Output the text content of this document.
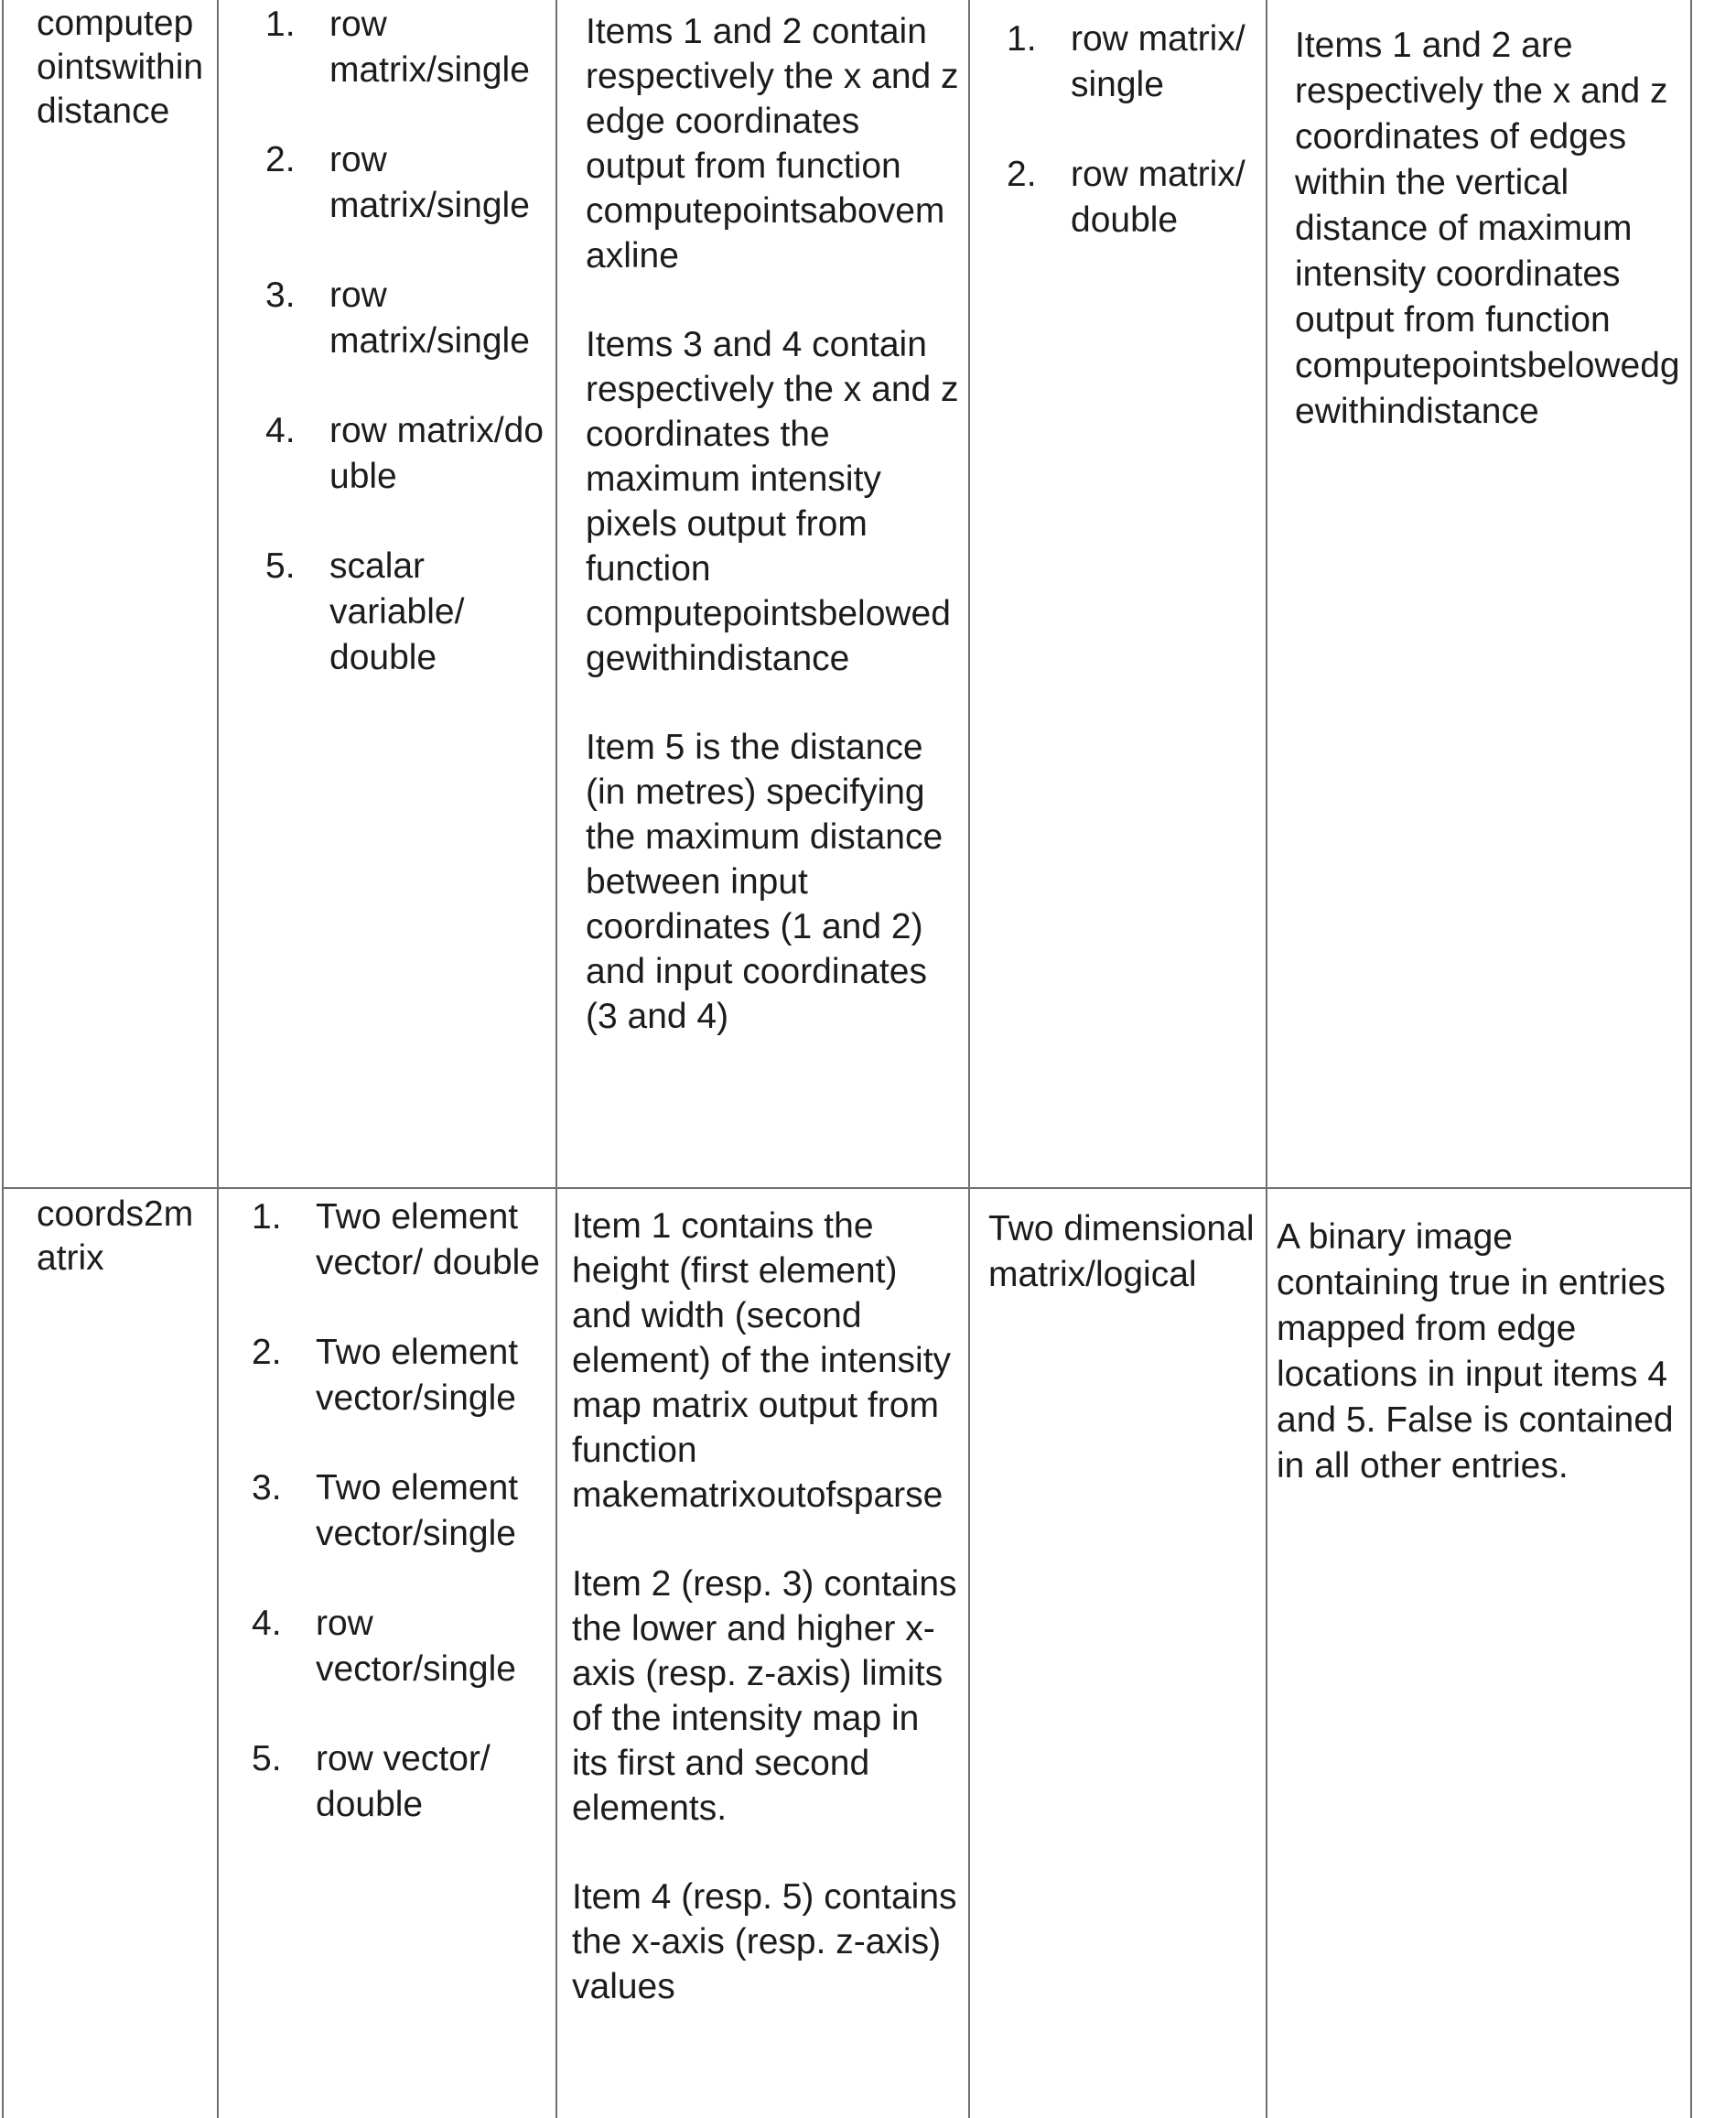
computepointswithindistance
1. row matrix/single
2. row matrix/single
3. row matrix/single
4. row matrix/double
5. scalar variable/ double

Items 1 and 2 contain respectively the x and z edge coordinates output from function computepointsabovemaxline

Items 3 and 4 contain respectively the x and z coordinates the maximum intensity pixels output from function computepointsbelowedgewithindistance

Item 5 is the distance (in metres) specifying the maximum distance between input coordinates (1 and 2) and input coordinates (3 and 4)

1. row matrix/single
2. row matrix/double

Items 1 and 2 are respectively the x and z coordinates of edges within the vertical distance of maximum intensity coordinates output from function computepointsbelowedgewithindistance

coords2matrix
1. Two element vector/ double
2. Two element vector/single
3. Two element vector/single
4. row vector/single
5. row vector/ double

Item 1 contains the height (first element) and width (second element) of the intensity map matrix output from function makematrixoutofsparse

Item 2 (resp. 3) contains the lower and higher x-axis (resp. z-axis) limits of the intensity map in its first and second elements.

Item 4 (resp. 5) contains the x-axis (resp. z-axis) values

Two dimensional matrix/logical

A binary image containing true in entries mapped from edge locations in input items 4 and 5. False is contained in all other entries.
